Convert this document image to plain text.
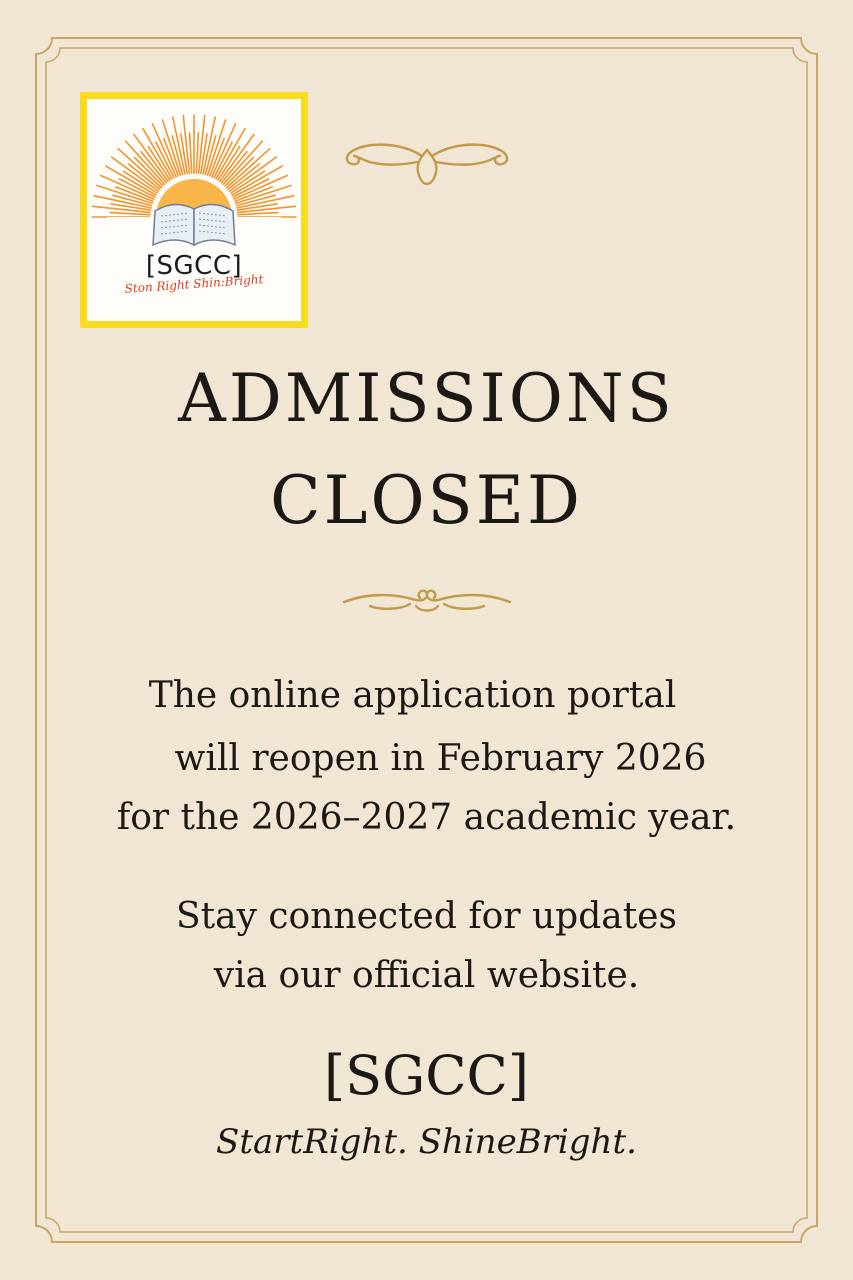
[SGCC]
Ston Right Shin:Bright
ADMISSIONS
CLOSED
The online application portal
will reopen in February 2026
for the 2026–2027 academic year.
Stay connected for updates
via our official website.
[SGCC]
StartRight. ShineBright.
